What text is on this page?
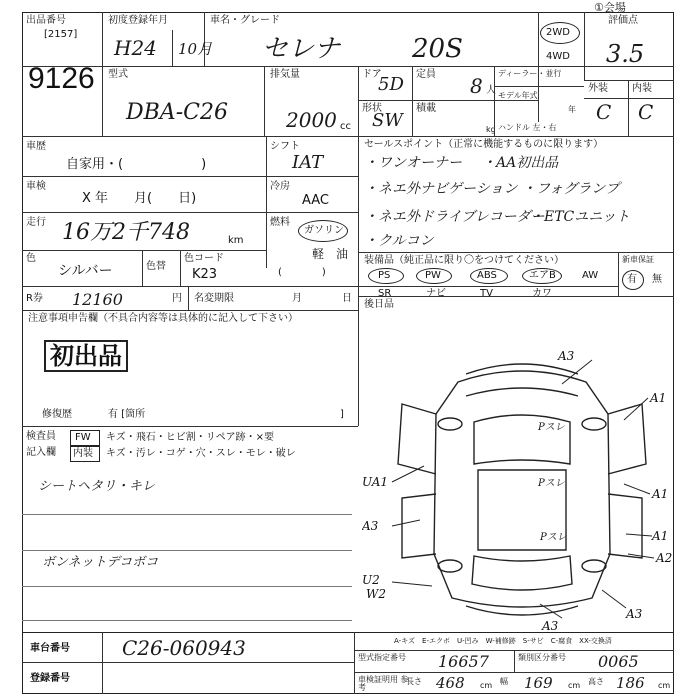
①会場
出品番号
[2157]
9126
初度登録年月
H24 10月
車名・グレード
セレナ	20S
2WD
4WD
評価点
3.5
外装 内装
C C
型式
DBA-C26
排気量
2000 cc
ドア
5D 定員 8 人
形状
SW
積載
kg
ディーラー・並行
モデル年式
年
ハンドル 左・右
車歴
自家用・(　　　　　　)
シフト
IAT
車検
X 年　　月(　　日)
冷房
AAC
走行 16万2千748	km
燃料
ガソリン
軽　油
(　　　　)
色
シルバー	色替
色コード
K23
R券 12160	円 名変期限	月	日
セールスポイント（正常に機能するものに限ります）
・ワンオーナー ・AA初出品
・ネエ外ナビゲーション ・フォグランプ
・ネエ外ドライブレコーダー
・ETCユニット
・クルコン
装備品（純正品に限り〇をつけてください）	新車保証
有 無
PS	PW	ABS	エアB	AW
SR	ナビ	TV	カワ
後日品
注意事項申告欄（不具合内容等は具体的に記入して下さい）
初出品
修復歴	有 [箇所	]
検査員
記入欄
FW キズ・飛石・ヒビ割・リペア跡・×要
内装 キズ・汚レ・コゲ・穴・スレ・モレ・破レ
シートヘタリ・キレ
ボンネットデコボコ
A3
A1
A1
A1
A2
A3
A3
UA1
A3
U2
W2
Pスレ
Pスレ
Pスレ
車台番号	C26-060943
登録番号
A-キズ　E-エクボ　U-凹み　W-補修跡　S-サビ　C-腐食　XX-交換済
型式指定番号 16657	類別区分番号 0065
車検証明用 参考
長さ 468 cm 幅 169 cm 高さ 186 cm
